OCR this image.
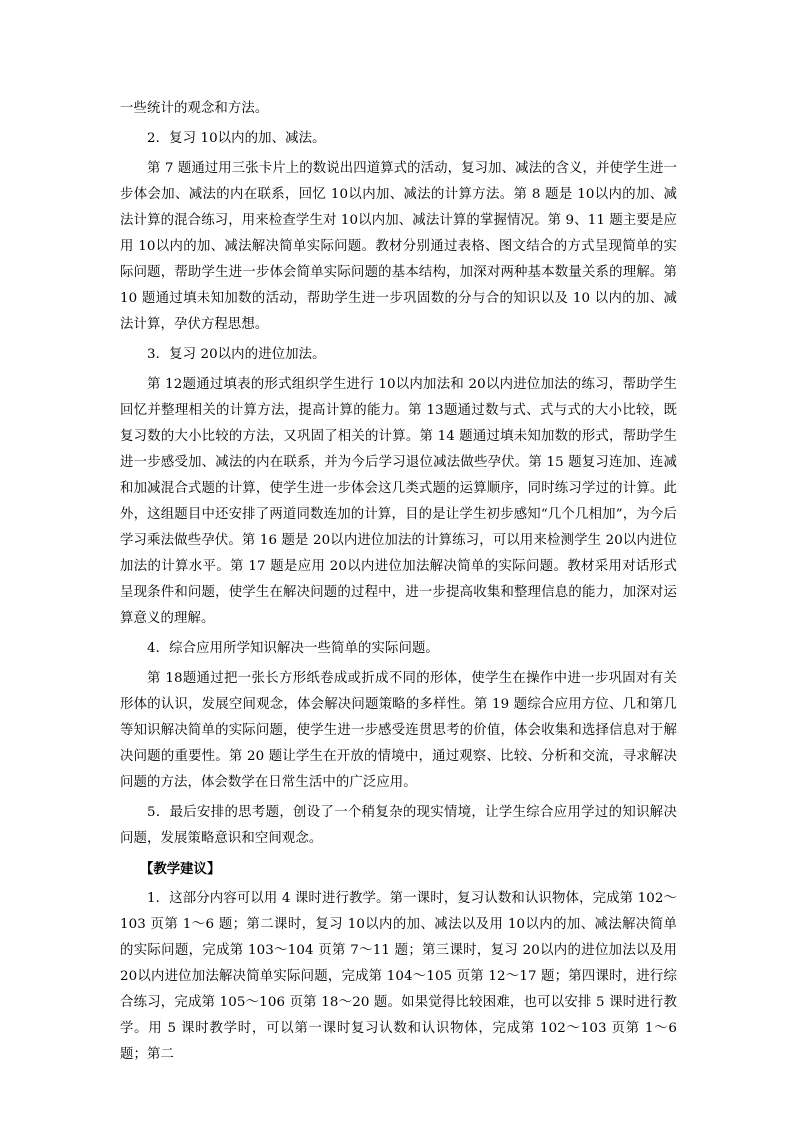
一些统计的观念和方法。

2．复习 10以内的加、减法。

第 7 题通过用三张卡片上的数说出四道算式的活动，复习加、减法的含义，并使学生进一步体会加、减法的内在联系，回忆 10以内加、减法的计算方法。第 8 题是 10以内的加、减法计算的混合练习，用来检查学生对 10以内加、减法计算的掌握情况。第 9、11 题主要是应用 10以内的加、减法解决简单实际问题。教材分别通过表格、图文结合的方式呈现简单的实际问题，帮助学生进一步体会简单实际问题的基本结构，加深对两种基本数量关系的理解。第 10 题通过填未知加数的活动，帮助学生进一步巩固数的分与合的知识以及 10 以内的加、减法计算，孕伏方程思想。

3．复习 20以内的进位加法。

第 12题通过填表的形式组织学生进行 10以内加法和 20以内进位加法的练习，帮助学生回忆并整理相关的计算方法，提高计算的能力。第 13题通过数与式、式与式的大小比较，既复习数的大小比较的方法，又巩固了相关的计算。第 14 题通过填未知加数的形式，帮助学生进一步感受加、减法的内在联系，并为今后学习退位减法做些孕伏。第 15 题复习连加、连减和加减混合式题的计算，使学生进一步体会这几类式题的运算顺序，同时练习学过的计算。此外，这组题目中还安排了两道同数连加的计算，目的是让学生初步感知“几个几相加”，为今后学习乘法做些孕伏。第 16 题是 20以内进位加法的计算练习，可以用来检测学生 20以内进位加法的计算水平。第 17 题是应用 20以内进位加法解决简单的实际问题。教材采用对话形式呈现条件和问题，使学生在解决问题的过程中，进一步提高收集和整理信息的能力，加深对运算意义的理解。

4．综合应用所学知识解决一些简单的实际问题。

第 18题通过把一张长方形纸卷成或折成不同的形体，使学生在操作中进一步巩固对有关形体的认识，发展空间观念，体会解决问题策略的多样性。第 19 题综合应用方位、几和第几等知识解决简单的实际问题，使学生进一步感受连贯思考的价值，体会收集和选择信息对于解决问题的重要性。第 20 题让学生在开放的情境中，通过观察、比较、分析和交流，寻求解决问题的方法，体会数学在日常生活中的广泛应用。

5．最后安排的思考题，创设了一个稍复杂的现实情境，让学生综合应用学过的知识解决问题，发展策略意识和空间观念。

【教学建议】

1．这部分内容可以用 4 课时进行教学。第一课时，复习认数和认识物体，完成第 102～103 页第 1～6 题；第二课时，复习 10以内的加、减法以及用 10以内的加、减法解决简单的实际问题，完成第 103～104 页第 7～11 题；第三课时，复习 20以内的进位加法以及用 20以内进位加法解决简单实际问题，完成第 104～105 页第 12～17 题；第四课时，进行综合练习，完成第 105～106 页第 18～20 题。如果觉得比较困难，也可以安排 5 课时进行教学。用 5 课时教学时，可以第一课时复习认数和认识物体，完成第 102～103 页第 1～6 题；第二
